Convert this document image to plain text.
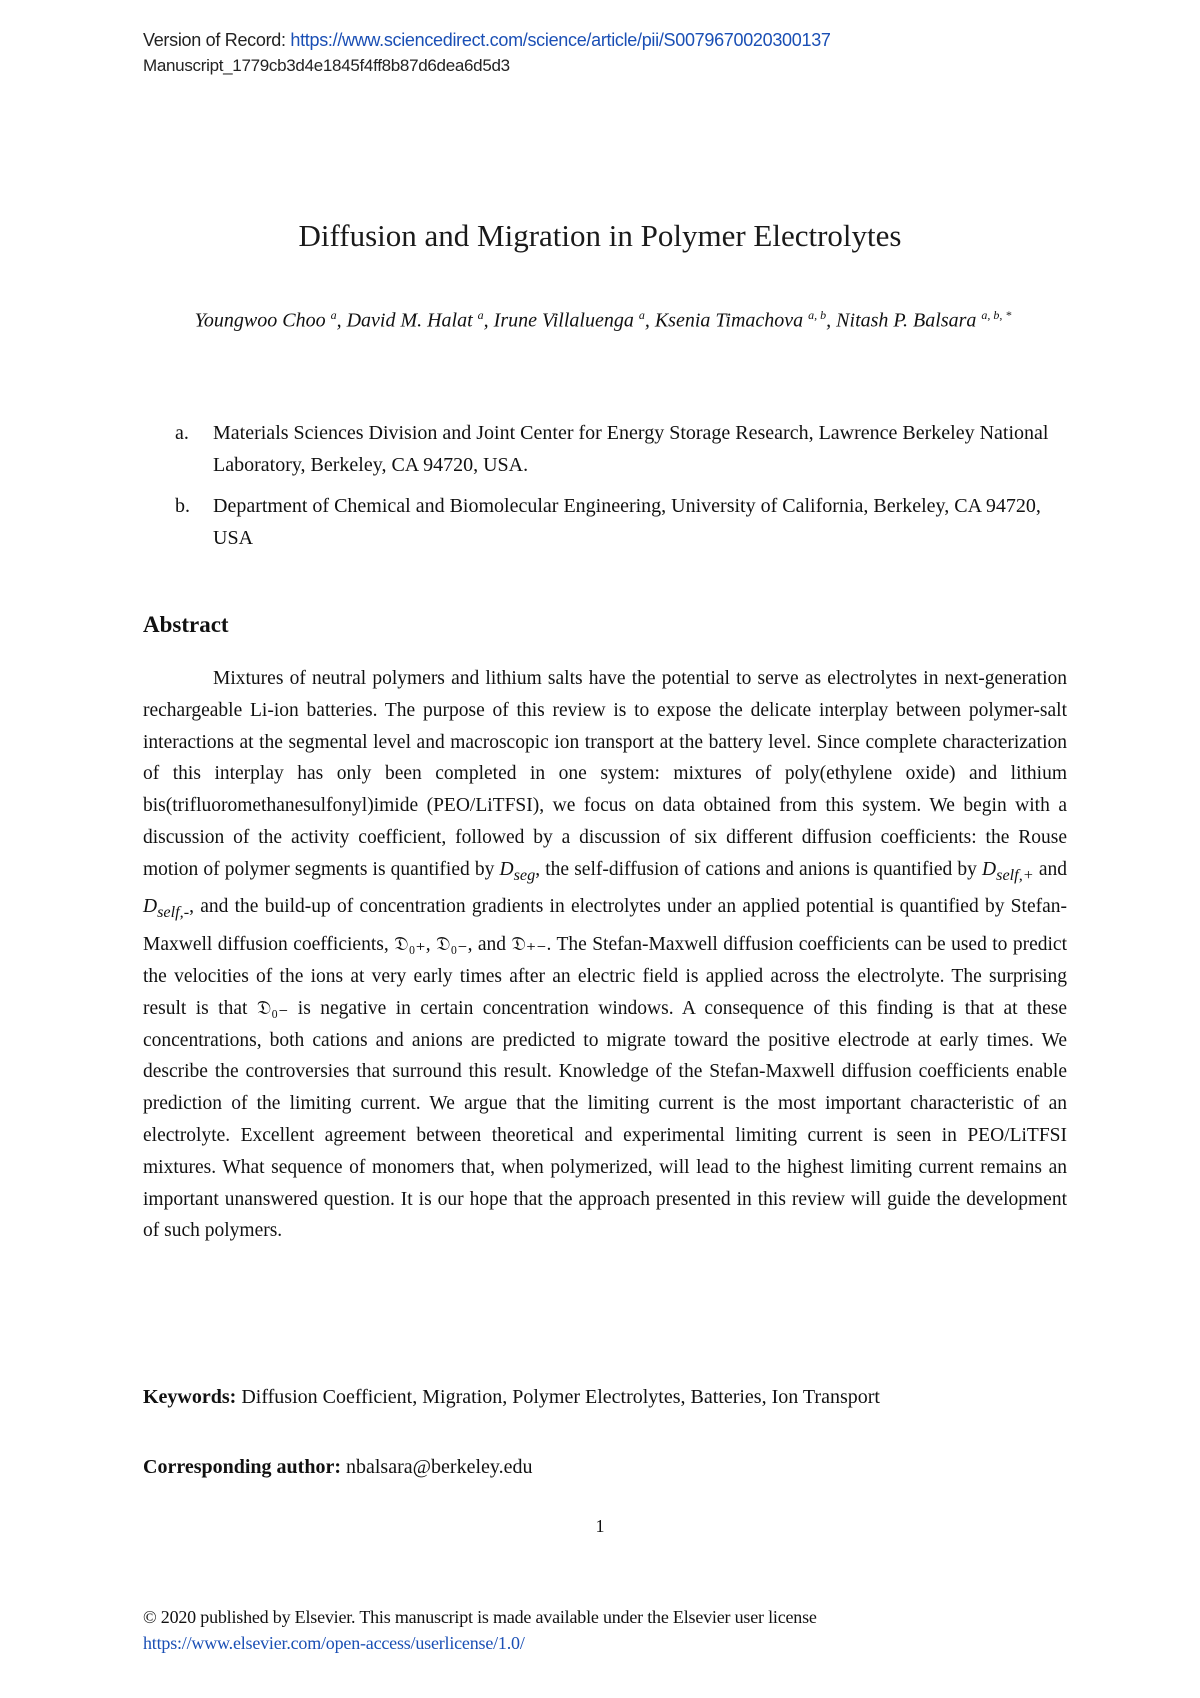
Version of Record: https://www.sciencedirect.com/science/article/pii/S0079670020300137
Manuscript_1779cb3d4e1845f4ff8b87d6dea6d5d3
Diffusion and Migration in Polymer Electrolytes
Youngwoo Choo $^a$, David M. Halat $^a$, Irune Villaluenga $^a$, Ksenia Timachova $^{a, b}$, Nitash P. Balsara $^{a, b, *}$
a. Materials Sciences Division and Joint Center for Energy Storage Research, Lawrence Berkeley National Laboratory, Berkeley, CA 94720, USA.
b. Department of Chemical and Biomolecular Engineering, University of California, Berkeley, CA 94720, USA
Abstract

Mixtures of neutral polymers and lithium salts have the potential to serve as electrolytes in next-generation rechargeable Li-ion batteries. The purpose of this review is to expose the delicate interplay between polymer-salt interactions at the segmental level and macroscopic ion transport at the battery level. Since complete characterization of this interplay has only been completed in one system: mixtures of poly(ethylene oxide) and lithium bis(trifluoromethanesulfonyl)imide (PEO/LiTFSI), we focus on data obtained from this system. We begin with a discussion of the activity coefficient, followed by a discussion of six different diffusion coefficients: the Rouse motion of polymer segments is quantified by $D_{seg}$, the self-diffusion of cations and anions is quantified by $D_{self,+}$ and $D_{self,-}$, and the build-up of concentration gradients in electrolytes under an applied potential is quantified by Stefan-Maxwell diffusion coefficients, 𝔇₀₊, 𝔇₀₋, and 𝔇₊₋. The Stefan-Maxwell diffusion coefficients can be used to predict the velocities of the ions at very early times after an electric field is applied across the electrolyte. The surprising result is that 𝔇₀₋ is negative in certain concentration windows. A consequence of this finding is that at these concentrations, both cations and anions are predicted to migrate toward the positive electrode at early times. We describe the controversies that surround this result. Knowledge of the Stefan-Maxwell diffusion coefficients enable prediction of the limiting current. We argue that the limiting current is the most important characteristic of an electrolyte. Excellent agreement between theoretical and experimental limiting current is seen in PEO/LiTFSI mixtures. What sequence of monomers that, when polymerized, will lead to the highest limiting current remains an important unanswered question. It is our hope that the approach presented in this review will guide the development of such polymers.

Keywords: Diffusion Coefficient, Migration, Polymer Electrolytes, Batteries, Ion Transport
Corresponding author: nbalsara@berkeley.edu
1
© 2020 published by Elsevier. This manuscript is made available under the Elsevier user license
https://www.elsevier.com/open-access/userlicense/1.0/
